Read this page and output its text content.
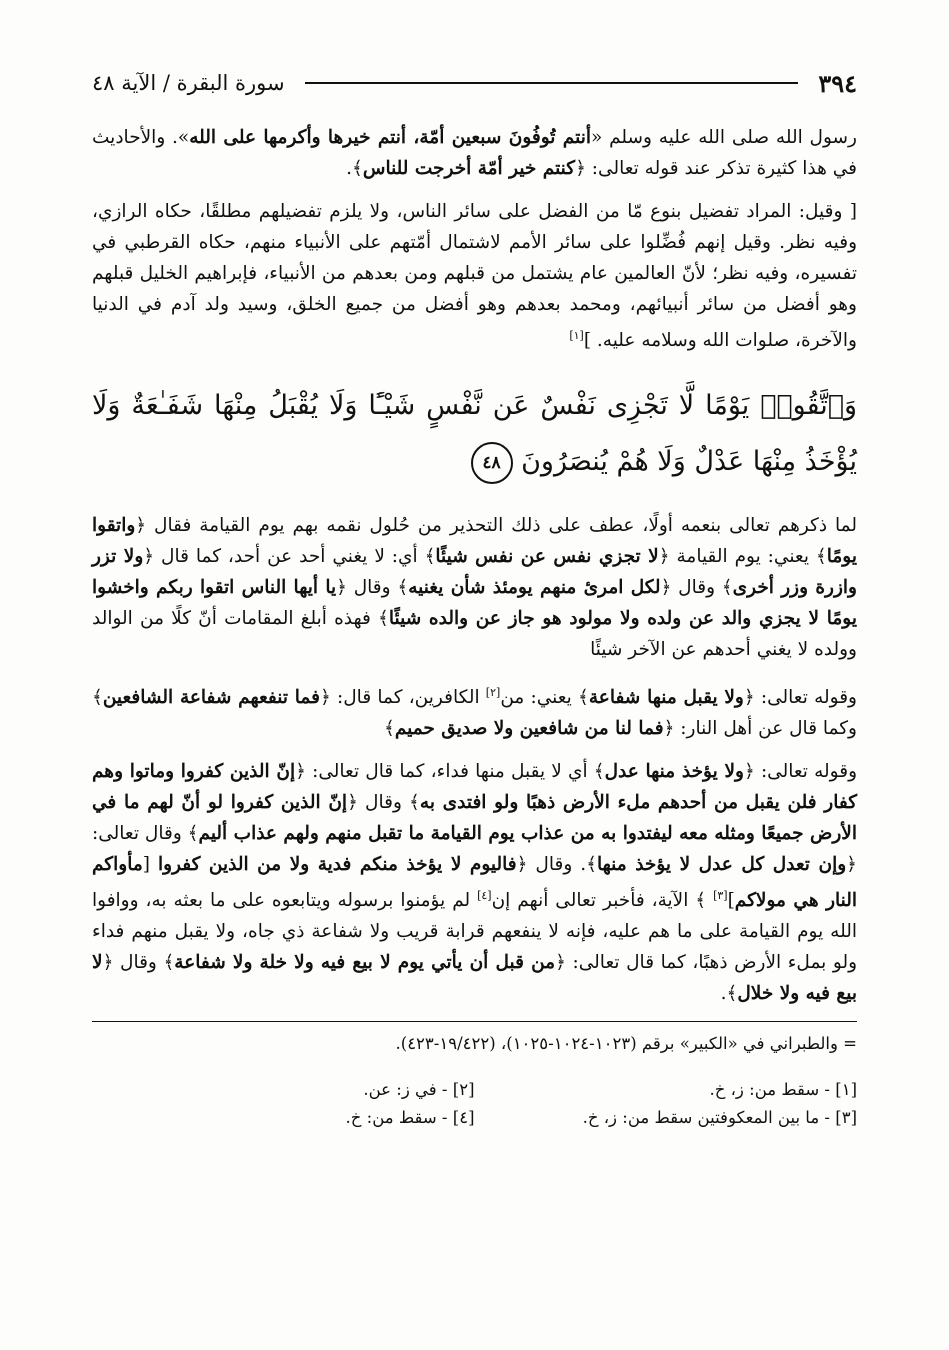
٣٩٤
سورة البقرة / الآية ٤٨

رسول الله صلى الله عليه وسلم «أنتم تُوفُونَ سبعين أمّة، أنتم خيرها وأكرمها على الله». والأحاديث في هذا كثيرة تذكر عند قوله تعالى: ﴿كنتم خير أمّة أخرجت للناس﴾.

[ وقيل: المراد تفضيل بنوع مّا من الفضل على سائر الناس، ولا يلزم تفضيلهم مطلقًا، حكاه الرازي، وفيه نظر. وقيل إنهم فُضِّلوا على سائر الأمم لاشتمال أمّتهم على الأنبياء منهم، حكاه القرطبي في تفسيره، وفيه نظر؛ لأنّ العالمين عام يشتمل من قبلهم ومن بعدهم من الأنبياء، فإبراهيم الخليل قبلهم وهو أفضل من سائر أنبيائهم، ومحمد بعدهم وهو أفضل من جميع الخلق، وسيد ولد آدم في الدنيا والآخرة، صلوات الله وسلامه عليه. ][١]

وَٱتَّقُوا۟ يَوْمًا لَّا تَجْزِى نَفْسٌ عَن نَّفْسٍ شَيْـًٔا وَلَا يُقْبَلُ مِنْهَا شَفَـٰعَةٌ وَلَا يُؤْخَذُ مِنْهَا عَدْلٌ وَلَا هُمْ يُنصَرُونَ ٤٨

لما ذكرهم تعالى بنعمه أولًا، عطف على ذلك التحذير من حُلول نقمه بهم يوم القيامة فقال ﴿واتقوا يومًا﴾ يعني: يوم القيامة ﴿لا تجزي نفس عن نفس شيئًا﴾ أي: لا يغني أحد عن أحد، كما قال ﴿ولا تزر وازرة وزر أخرى﴾ وقال ﴿لكل امرئ منهم يومئذ شأن يغنيه﴾ وقال ﴿يا أيها الناس اتقوا ربكم واخشوا يومًا لا يجزي والد عن ولده ولا مولود هو جاز عن والده شيئًا﴾ فهذه أبلغ المقامات أنّ كلًا من الوالد وولده لا يغني أحدهم عن الآخر شيئًا

وقوله تعالى: ﴿ولا يقبل منها شفاعة﴾ يعني: من[٢] الكافرين، كما قال: ﴿فما تنفعهم شفاعة الشافعين﴾ وكما قال عن أهل النار: ﴿فما لنا من شافعين ولا صديق حميم﴾

وقوله تعالى: ﴿ولا يؤخذ منها عدل﴾ أي لا يقبل منها فداء، كما قال تعالى: ﴿إنّ الذين كفروا وماتوا وهم كفار فلن يقبل من أحدهم ملء الأرض ذهبًا ولو افتدى به﴾ وقال ﴿إنّ الذين كفروا لو أنّ لهم ما في الأرض جميعًا ومثله معه ليفتدوا به من عذاب يوم القيامة ما تقبل منهم ولهم عذاب أليم﴾ وقال تعالى: ﴿وإن تعدل كل عدل لا يؤخذ منها﴾. وقال ﴿فاليوم لا يؤخذ منكم فدية ولا من الذين كفروا [مأواكم النار هي مولاكم][٣] ﴾ الآية، فأخبر تعالى أنهم إن[٤] لم يؤمنوا برسوله ويتابعوه على ما بعثه به، ووافوا الله يوم القيامة على ما هم عليه، فإنه لا ينفعهم قرابة قريب ولا شفاعة ذي جاه، ولا يقبل منهم فداء ولو بملء الأرض ذهبًا، كما قال تعالى: ﴿من قبل أن يأتي يوم لا بيع فيه ولا خلة ولا شفاعة﴾ وقال ﴿لا بيع فيه ولا خلال﴾.

= والطبراني في «الكبير» برقم (١٠٢٣-١٠٢٤-١٠٢٥)، (١٩/٤٢٢-٤٢٣).
[١] - سقط من: ز، خ.
[٢] - في ز: عن.
[٣] - ما بين المعكوفتين سقط من: ز، خ.
[٤] - سقط من: خ.
